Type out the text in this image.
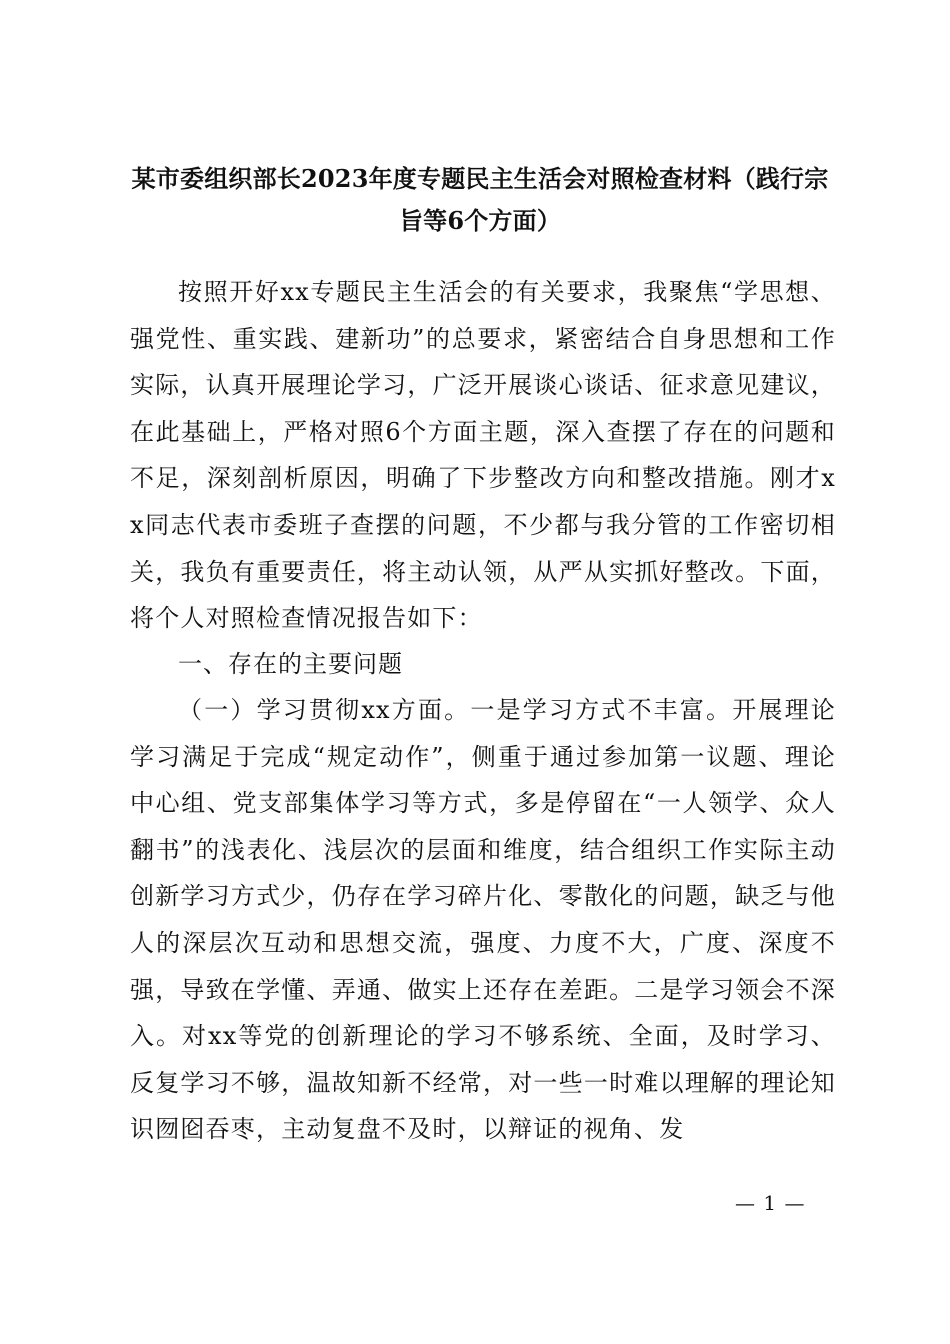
某市委组织部长2023年度专题民主生活会对照检查材料（践行宗旨等6个方面）
按照开好xx专题民主生活会的有关要求，我聚焦“学思想、强党性、重实践、建新功”的总要求，紧密结合自身思想和工作实际，认真开展理论学习，广泛开展谈心谈话、征求意见建议，在此基础上，严格对照6个方面主题，深入查摆了存在的问题和不足，深刻剖析原因，明确了下步整改方向和整改措施。刚才xx同志代表市委班子查摆的问题，不少都与我分管的工作密切相关，我负有重要责任，将主动认领，从严从实抓好整改。下面，将个人对照检查情况报告如下：
一、存在的主要问题
（一）学习贯彻xx方面。一是学习方式不丰富。开展理论学习满足于完成“规定动作”，侧重于通过参加第一议题、理论中心组、党支部集体学习等方式，多是停留在“一人领学、众人翻书”的浅表化、浅层次的层面和维度，结合组织工作实际主动创新学习方式少，仍存在学习碎片化、零散化的问题，缺乏与他人的深层次互动和思想交流，强度、力度不大，广度、深度不强，导致在学懂、弄通、做实上还存在差距。二是学习领会不深入。对xx等党的创新理论的学习不够系统、全面，及时学习、反复学习不够，温故知新不经常，对一些一时难以理解的理论知识囫囵吞枣，主动复盘不及时，以辩证的视角、发
— 1 —
